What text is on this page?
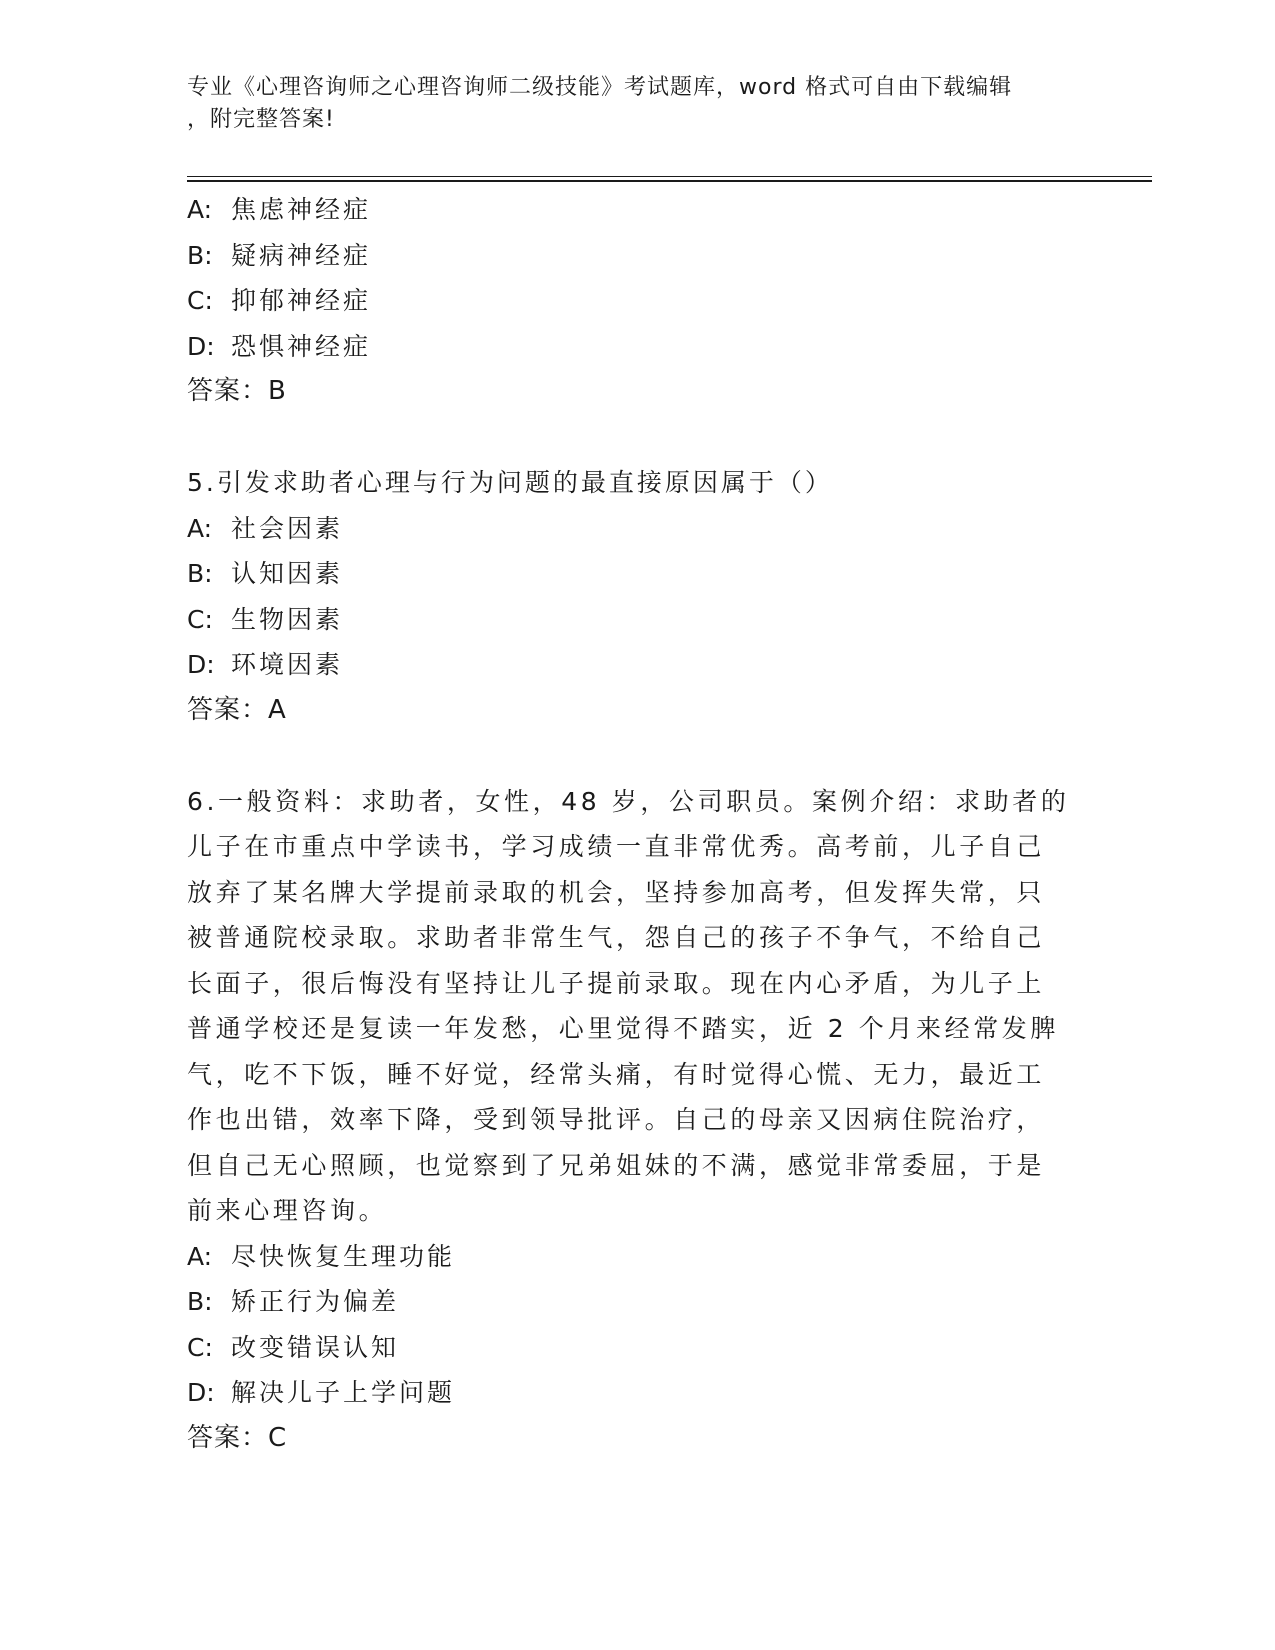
专业《心理咨询师之心理咨询师二级技能》考试题库，word 格式可自由下载编辑
，附完整答案!
A: 焦虑神经症
B: 疑病神经症
C: 抑郁神经症
D: 恐惧神经症
答案：B
5.引发求助者心理与行为问题的最直接原因属于（）
A: 社会因素
B: 认知因素
C: 生物因素
D: 环境因素
答案：A
6.一般资料：求助者，女性，48 岁，公司职员。案例介绍：求助者的
儿子在市重点中学读书，学习成绩一直非常优秀。高考前，儿子自己
放弃了某名牌大学提前录取的机会，坚持参加高考，但发挥失常，只
被普通院校录取。求助者非常生气，怨自己的孩子不争气，不给自己
长面子，很后悔没有坚持让儿子提前录取。现在内心矛盾，为儿子上
普通学校还是复读一年发愁，心里觉得不踏实，近 2 个月来经常发脾
气，吃不下饭，睡不好觉，经常头痛，有时觉得心慌、无力，最近工
作也出错，效率下降，受到领导批评。自己的母亲又因病住院治疗，
但自己无心照顾，也觉察到了兄弟姐妹的不满，感觉非常委屈，于是
前来心理咨询。
A: 尽快恢复生理功能
B: 矫正行为偏差
C: 改变错误认知
D: 解决儿子上学问题
答案：C
